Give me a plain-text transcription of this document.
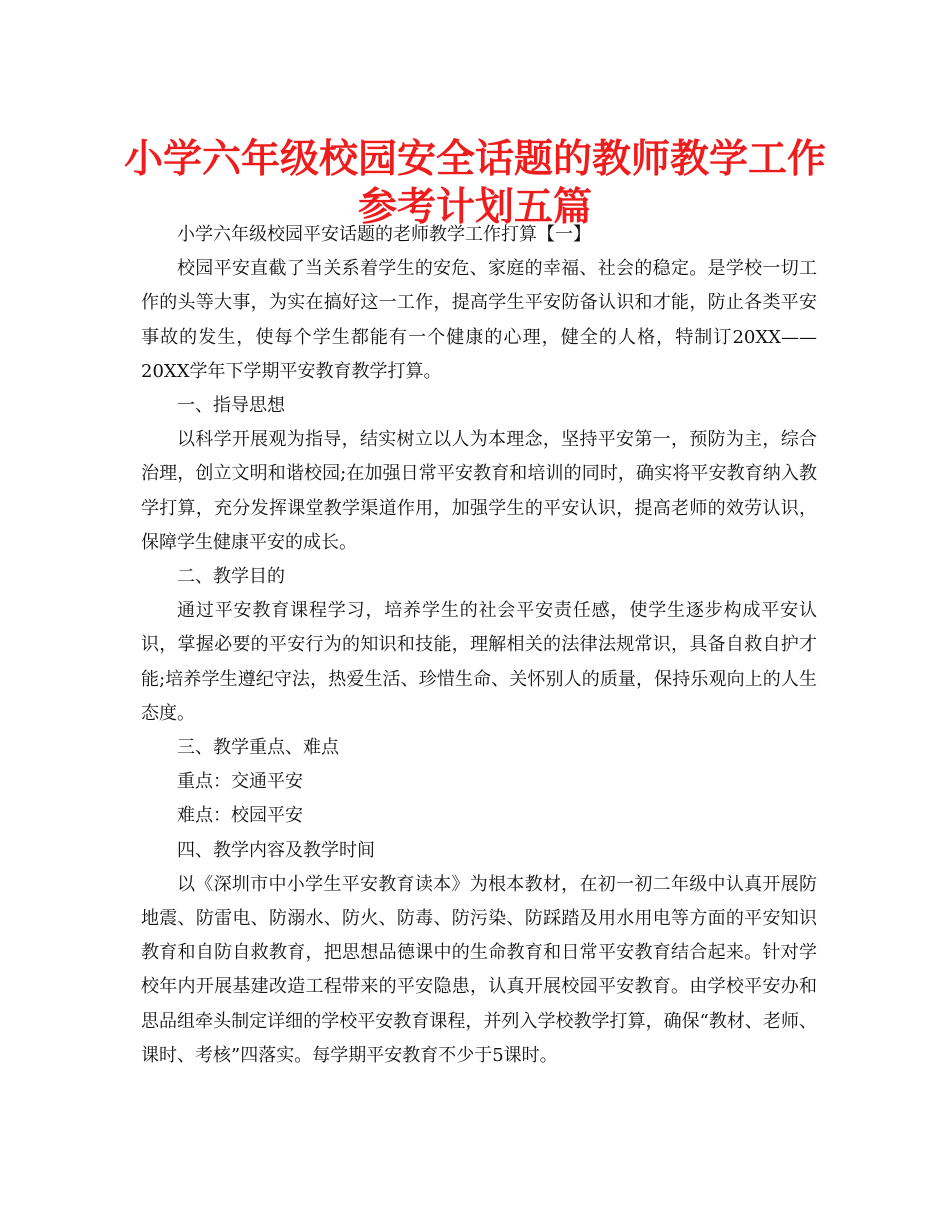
小学六年级校园安全话题的教师教学工作
参考计划五篇

小学六年级校园平安话题的老师教学工作打算【一】

校园平安直截了当关系着学生的安危、家庭的幸福、社会的稳定。是学校一切工作的头等大事，为实在搞好这一工作，提高学生平安防备认识和才能，防止各类平安事故的发生，使每个学生都能有一个健康的心理，健全的人格，特制订20XX——20XX学年下学期平安教育教学打算。

一、指导思想

以科学开展观为指导，结实树立以人为本理念，坚持平安第一，预防为主，综合治理，创立文明和谐校园;在加强日常平安教育和培训的同时，确实将平安教育纳入教学打算，充分发挥课堂教学渠道作用，加强学生的平安认识，提高老师的效劳认识，保障学生健康平安的成长。

二、教学目的

通过平安教育课程学习，培养学生的社会平安责任感，使学生逐步构成平安认识，掌握必要的平安行为的知识和技能，理解相关的法律法规常识，具备自救自护才能;培养学生遵纪守法，热爱生活、珍惜生命、关怀别人的质量，保持乐观向上的人生态度。

三、教学重点、难点

重点：交通平安

难点：校园平安

四、教学内容及教学时间

以《深圳市中小学生平安教育读本》为根本教材，在初一初二年级中认真开展防地震、防雷电、防溺水、防火、防毒、防污染、防踩踏及用水用电等方面的平安知识教育和自防自救教育，把思想品德课中的生命教育和日常平安教育结合起来。针对学校年内开展基建改造工程带来的平安隐患，认真开展校园平安教育。由学校平安办和思品组牵头制定详细的学校平安教育课程，并列入学校教学打算，确保“教材、老师、课时、考核”四落实。每学期平安教育不少于5课时。
